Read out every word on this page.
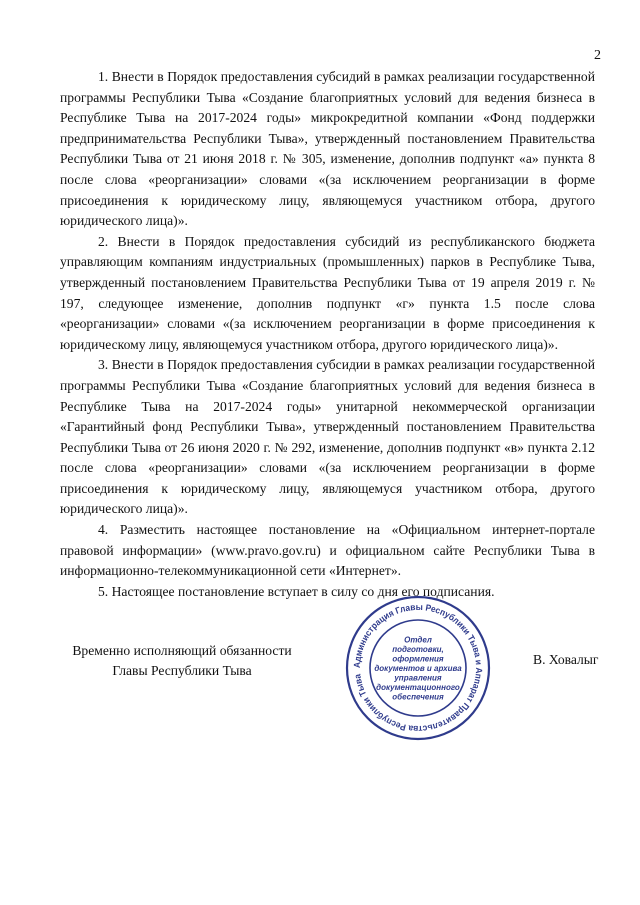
2

1. Внести в Порядок предоставления субсидий в рамках реализации государственной программы Республики Тыва «Создание благоприятных условий для ведения бизнеса в Республике Тыва на 2017-2024 годы» микрокредитной компании «Фонд поддержки предпринимательства Республики Тыва», утвержденный постановлением Правительства Республики Тыва от 21 июня 2018 г. № 305, изменение, дополнив подпункт «а» пункта 8 после слова «реорганизации» словами «(за исключением реорганизации в форме присоединения к юридическому лицу, являющемуся участником отбора, другого юридического лица)».

2. Внести в Порядок предоставления субсидий из республиканского бюджета управляющим компаниям индустриальных (промышленных) парков в Республике Тыва, утвержденный постановлением Правительства Республики Тыва от 19 апреля 2019 г. № 197, следующее изменение, дополнив подпункт «г» пункта 1.5 после слова «реорганизации» словами «(за исключением реорганизации в форме присоединения к юридическому лицу, являющемуся участником отбора, другого юридического лица)».

3. Внести в Порядок предоставления субсидии в рамках реализации государственной программы Республики Тыва «Создание благоприятных условий для ведения бизнеса в Республике Тыва на 2017-2024 годы» унитарной некоммерческой организации «Гарантийный фонд Республики Тыва», утвержденный постановлением Правительства Республики Тыва от 26 июня 2020 г. № 292, изменение, дополнив подпункт «в» пункта 2.12 после слова «реорганизации» словами «(за исключением реорганизации в форме присоединения к юридическому лицу, являющемуся участником отбора, другого юридического лица)».

4. Разместить настоящее постановление на «Официальном интернет-портале правовой информации» (www.pravo.gov.ru) и официальном сайте Республики Тыва в информационно-телекоммуникационной сети «Интернет».

5. Настоящее постановление вступает в силу со дня его подписания.

Временно исполняющий обязанности
Главы Республики Тыва
В. Ховалыг
Администрация Главы Республики Тыва и Аппарат Правительства Республики Тыва
Отдел
подготовки,
оформления
документов и архива
управления
документационного
обеспечения
